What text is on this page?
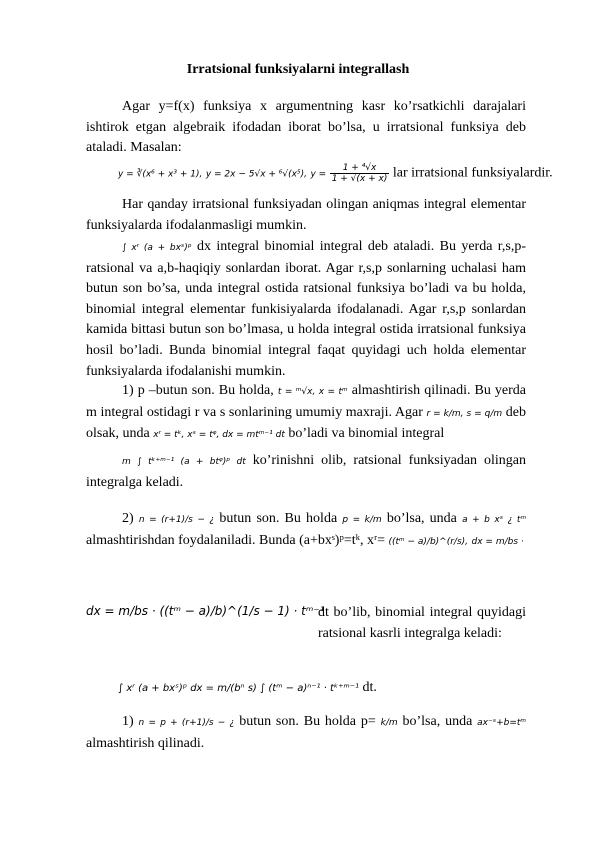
Irratsional funksiyalarni integrallash
Agar y=f(x) funksiya x argumentning kasr ko’rsatkichli darajalari ishtirok etgan algebraik ifodadan iborat bo’lsa, u irratsional funksiya deb ataladi. Masalan:
y = ∛(x⁶ + x³ + 1), y = 2x − 5√x + ⁶√(x⁵), $y = \frac{\text{1 + ⁴√x}}{1 + √(x + x)}$ lar irratsional funksiyalardir.
Har qanday irratsional funksiyadan olingan aniqmas integral elementar funksiyalarda ifodalanmasligi mumkin.
∫ xʳ (a + bxˢ)ᵖ dx integral binomial integral deb ataladi. Bu yerda r,s,p-ratsional va a,b-haqiqiy sonlardan iborat. Agar r,s,p sonlarning uchalasi ham butun son bo’sa, unda integral ostida ratsional funksiya bo’ladi va bu holda, binomial integral elementar funkisiyalarda ifodalanadi. Agar r,s,p sonlardan kamida bittasi butun son bo’lmasa, u holda integral ostida irratsional funksiya hosil bo’ladi. Bunda binomial integral faqat quyidagi uch holda elementar funksiyalarda ifodalanishi mumkin.
1) p –butun son. Bu holda, t = ᵐ√x, x = tᵐ almashtirish qilinadi. Bu yerda m integral ostidagi r va s sonlarining umumiy maxraji. Agar r = k/m, s = q/m deb olsak, unda xʳ = tᵏ, xˢ = tᵠ, dx = mtᵐ⁻¹ dt bo’ladi va binomial integral
m ∫ tᵏ⁺ᵐ⁻¹ (a + btᵠ)ᵖ dt ko’rinishni olib, ratsional funksiyadan olingan integralga keladi.
2) n = (r+1)/s − ¿ butun son. Bu holda p = k/m bo’lsa, unda a + b xˢ ¿ tᵐ almashtirishdan foydalaniladi. Bunda (a+bxˢ)ᵖ=tᵏ, xʳ= ((tᵐ − a)/b)^(r/s), dx = m/bs ·
dx = m/bs · ((tᵐ − a)/b)^(1/s − 1) · tᵐ⁻¹
dt bo’lib, binomial integral quyidagi ratsional kasrli integralga keladi:
∫ xʳ (a + bxˢ)ᵖ dx = m/(bⁿ s) ∫ (tᵐ − a)ⁿ⁻¹ · tᵏ⁺ᵐ⁻¹ dt.
1) n = p + (r+1)/s − ¿ butun son. Bu holda p= k/m bo’lsa, unda ax⁻ˢ+b=tᵐ almashtirish qilinadi.
